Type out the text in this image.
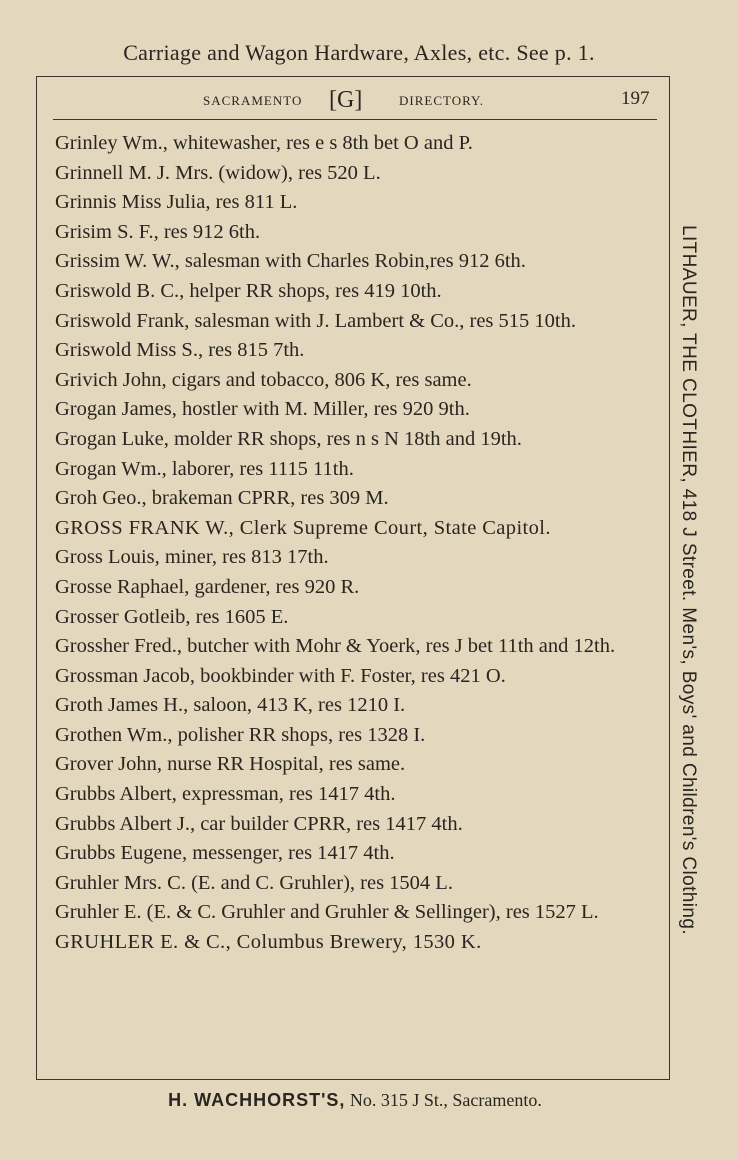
Carriage and Wagon Hardware, Axles, etc. See p. 1.
SACRAMENTO [G]	DIRECTORY.	197
Grinley Wm., whitewasher, res e s 8th bet O and P.
Grinnell M. J. Mrs. (widow), res 520 L.
Grinnis Miss Julia, res 811 L.
Grisim S. F., res 912 6th.
Grissim W. W., salesman with Charles Robin,res 912 6th.
Griswold B. C., helper RR shops, res 419 10th.
Griswold Frank, salesman with J. Lambert & Co., res 515 10th.
Griswold Miss S., res 815 7th.
Grivich John, cigars and tobacco, 806 K, res same.
Grogan James, hostler with M. Miller, res 920 9th.
Grogan Luke, molder RR shops, res n s N 18th and 19th.
Grogan Wm., laborer, res 1115 11th.
Groh Geo., brakeman CPRR, res 309 M.
GROSS FRANK W., Clerk Supreme Court, State Capitol.
Gross Louis, miner, res 813 17th.
Grosse Raphael, gardener, res 920 R.
Grosser Gotleib, res 1605 E.
Grossher Fred., butcher with Mohr & Yoerk, res J bet 11th and 12th.
Grossman Jacob, bookbinder with F. Foster, res 421 O.
Groth James H., saloon, 413 K, res 1210 I.
Grothen Wm., polisher RR shops, res 1328 I.
Grover John, nurse RR Hospital, res same.
Grubbs Albert, expressman, res 1417 4th.
Grubbs Albert J., car builder CPRR, res 1417 4th.
Grubbs Eugene, messenger, res 1417 4th.
Gruhler Mrs. C. (E. and C. Gruhler), res 1504 L.
Gruhler E. (E. & C. Gruhler and Gruhler & Sellinger), res 1527 L.
GRUHLER E. & C., Columbus Brewery, 1530 K.
LITHAUER, THE CLOTHIER, 418 J Street. Men's, Boys' and Children's Clothing.
H. WACHHORST'S, No. 315 J St., Sacramento.
